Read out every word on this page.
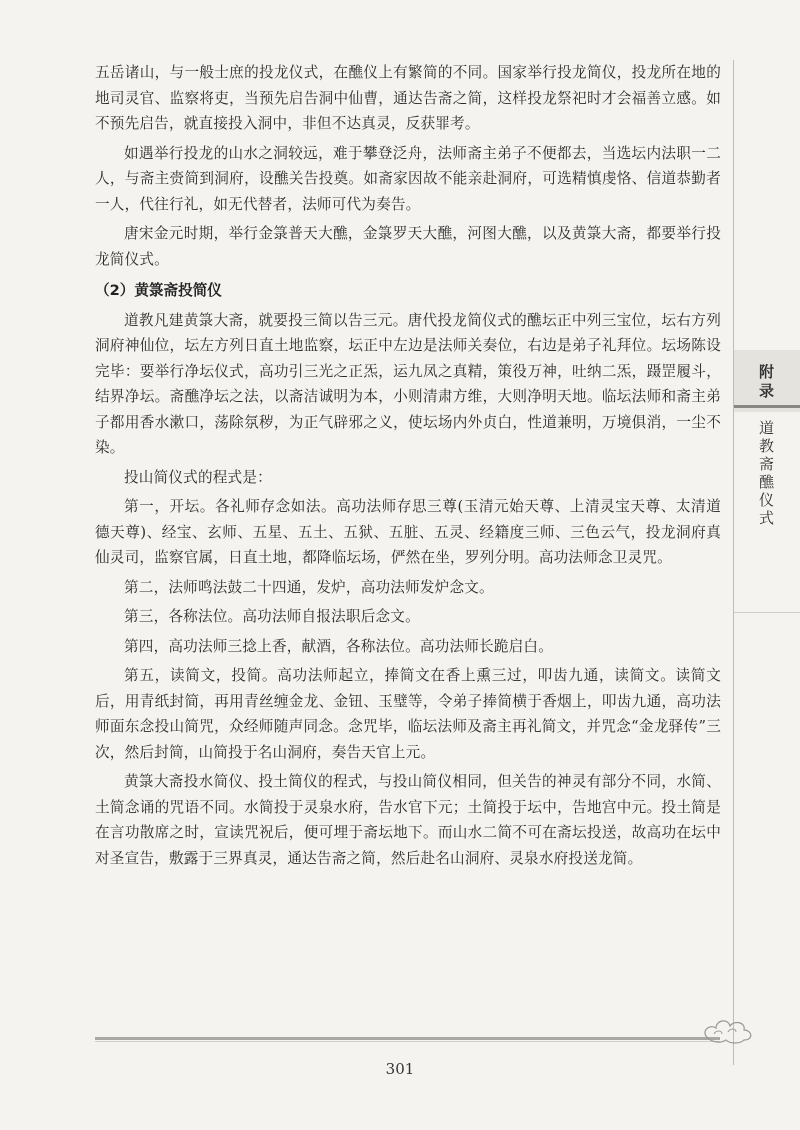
五岳诸山，与一般士庶的投龙仪式，在醮仪上有繁简的不同。国家举行投龙简仪，投龙所在地的地司灵官、监察将吏，当预先启告洞中仙曹，通达告斋之简，这样投龙祭祀时才会福善立感。如不预先启告，就直接投入洞中，非但不达真灵，反获罪考。

如遇举行投龙的山水之洞较远，难于攀登泛舟，法师斋主弟子不便都去，当选坛内法职一二人，与斋主赍简到洞府，设醮关告投奠。如斋家因故不能亲赴洞府，可选精慎虔恪、信道恭勤者一人，代往行礼，如无代替者，法师可代为奏告。

唐宋金元时期，举行金箓普天大醮，金箓罗天大醮，河图大醮，以及黄箓大斋，都要举行投龙简仪式。

（2）黄箓斋投简仪

道教凡建黄箓大斋，就要投三简以告三元。唐代投龙简仪式的醮坛正中列三宝位，坛右方列洞府神仙位，坛左方列日直土地监察，坛正中左边是法师关奏位，右边是弟子礼拜位。坛场陈设完毕：要举行净坛仪式，高功引三光之正炁，运九凤之真精，策役万神，吐纳二炁，蹑罡履斗，结界净坛。斋醮净坛之法，以斋洁诚明为本，小则清肃方维，大则净明天地。临坛法师和斋主弟子都用香水漱口，荡除氛秽，为正气辟邪之义，使坛场内外贞白，性道兼明，万境俱消，一尘不染。

投山简仪式的程式是：

第一，开坛。各礼师存念如法。高功法师存思三尊(玉清元始天尊、上清灵宝天尊、太清道德天尊)、经宝、玄师、五星、五土、五狱、五脏、五灵、经籍度三师、三色云气，投龙洞府真仙灵司，监察官属，日直土地，都降临坛场，俨然在坐，罗列分明。高功法师念卫灵咒。

第二，法师鸣法鼓二十四通，发炉，高功法师发炉念文。

第三，各称法位。高功法师自报法职后念文。

第四，高功法师三捻上香，献酒，各称法位。高功法师长跪启白。

第五，读简文，投简。高功法师起立，捧简文在香上熏三过，叩齿九通，读简文。读简文后，用青纸封简，再用青丝缠金龙、金钮、玉璧等，令弟子捧简横于香烟上，叩齿九通，高功法师面东念投山简咒，众经师随声同念。念咒毕，临坛法师及斋主再礼简文，并咒念“金龙驿传”三次，然后封简，山简投于名山洞府，奏告天官上元。

黄箓大斋投水简仪、投土简仪的程式，与投山简仪相同，但关告的神灵有部分不同，水简、土简念诵的咒语不同。水简投于灵泉水府，告水官下元；土简投于坛中，告地宫中元。投土简是在言功散席之时，宣读咒祝后，便可埋于斋坛地下。而山水二简不可在斋坛投送，故高功在坛中对圣宣告，敷露于三界真灵，通达告斋之简，然后赴名山洞府、灵泉水府投送龙简。

附录
道教斋醮仪式
301
